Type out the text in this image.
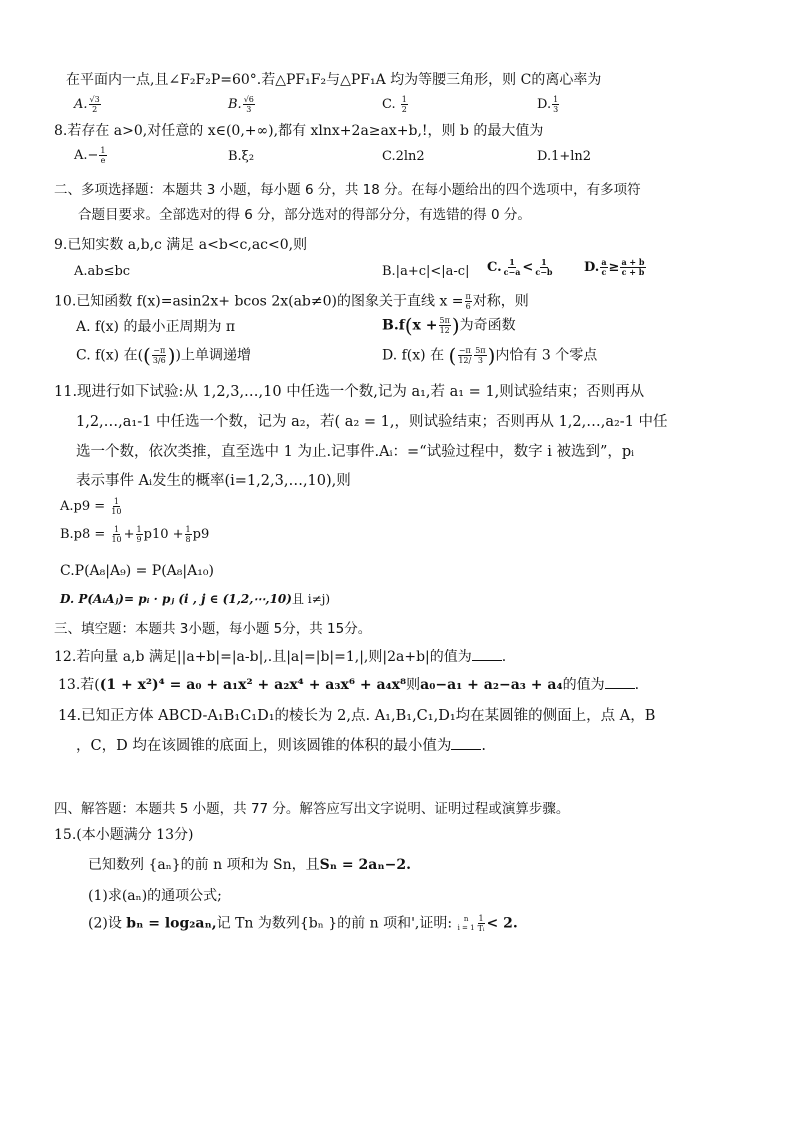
在平面内一点,且∠F₂F₂P=60°.若△PF₁F₂与△PF₁A 均为等腰三角形，则 C的离心率为
A. $\frac{√3}{2}$	B. $\frac{√6}{3}$	C. $\frac{1}{2}$	D. $\frac{1}{3}$
8.若存在 a>0,对任意的 x∈(0,+∞),都有 xlnx+2a≥ax+b,!，则 b 的最大值为
$A.- \frac{1}{e}$	B.ξ₂	C.2ln2	D.1+ln2
二、多项选择题：本题共 3 小题，每小题 6 分，共 18 分。在每小题给出的四个选项中，有多项符
合题目要求。全部选对的得 6 分，部分选对的得部分分，有选错的得 0 分。
9.已知实数 a,b,c 满足 a<b<c,ac<0,则
A.ab≤bc	B.|a+c|<|a-c| C. $\frac{1}{c-a} < \frac{1}{c-b} D$. $\frac{a}{c} \ge \frac{a + b}{c + b}$
10.已知函数 f(x)=asin2x+ bcos 2x(ab≠0)的图象关于直线 $x = \frac{\pi}{6}$ 对称，则
A. f(x) 的最小正周期为 π	$B.f(x + \frac{5\pi}{12}$ )为奇函数
C. f(x) 在(( $\frac{-\pi}{3/6}$ ))上单调递增	D. f(x) 在 ( $\frac{-\pi}{12/} \frac{5\pi}{3}$ )内恰有 3 个零点
11.现进行如下试验:从 1,2,3,…,10 中任选一个数,记为 a₁,若 a₁ = 1,则试验结束；否则再从
1,2,…,a₁-1 中任选一个数，记为 a₂，若( a₂ = 1,，则试验结束；否则再从 1,2,…,a₂-1 中任
选一个数，依次类推，直至选中 1 为止.记事件.Aᵢ：=“试验过程中，数字 i 被选到”，pᵢ
表示事件 Aᵢ发生的概率(i=1,2,3,…,10),则
$A.p9 = \frac{1}{10}$
$B.p8 = \frac{1}{10} + \frac{1}{9} p10 + \frac{1}{8} p9$
C.P(A₈|A₉) = P(A₈|A₁₀)
D. P(AᵢAⱼ)= pᵢ · pⱼ (i , j ∈ (1,2,⋯,10)且 i≠j)
三、填空题：本题共 3小题，每小题 5分，共 15分。
12.若向量 a,b 满足||a+b|=|a-b|,.且|a|=|b|=1,|,则|2a+b|的值为 .
13.若((1 + x²)⁴ = a₀ + a₁x² + a₂x⁴ + a₃x⁶ + a₄x⁸则a₀−a₁ + a₂−a₃ + a₄的值为 .
14.已知正方体 ABCD-A₁B₁C₁D₁的棱长为 2,点. A₁,B₁,C₁,D₁均在某圆锥的侧面上，点 A，B
，C，D 均在该圆锥的底面上，则该圆锥的体积的最小值为 .
四、解答题：本题共 5 小题，共 77 分。解答应写出文字说明、证明过程或演算步骤。
15.(本小题满分 13分)
已知数列 {aₙ}的前 n 项和为 Sn，且Sₙ = 2aₙ−2.
(1)求(aₙ)的通项公式;
(2)设 bₙ = log₂aₙ,记 Tn 为数列{bₙ }的前 n 项和',证明: n
$i = 1 \frac{1}{\text{Tᵢ}} < 2$.
